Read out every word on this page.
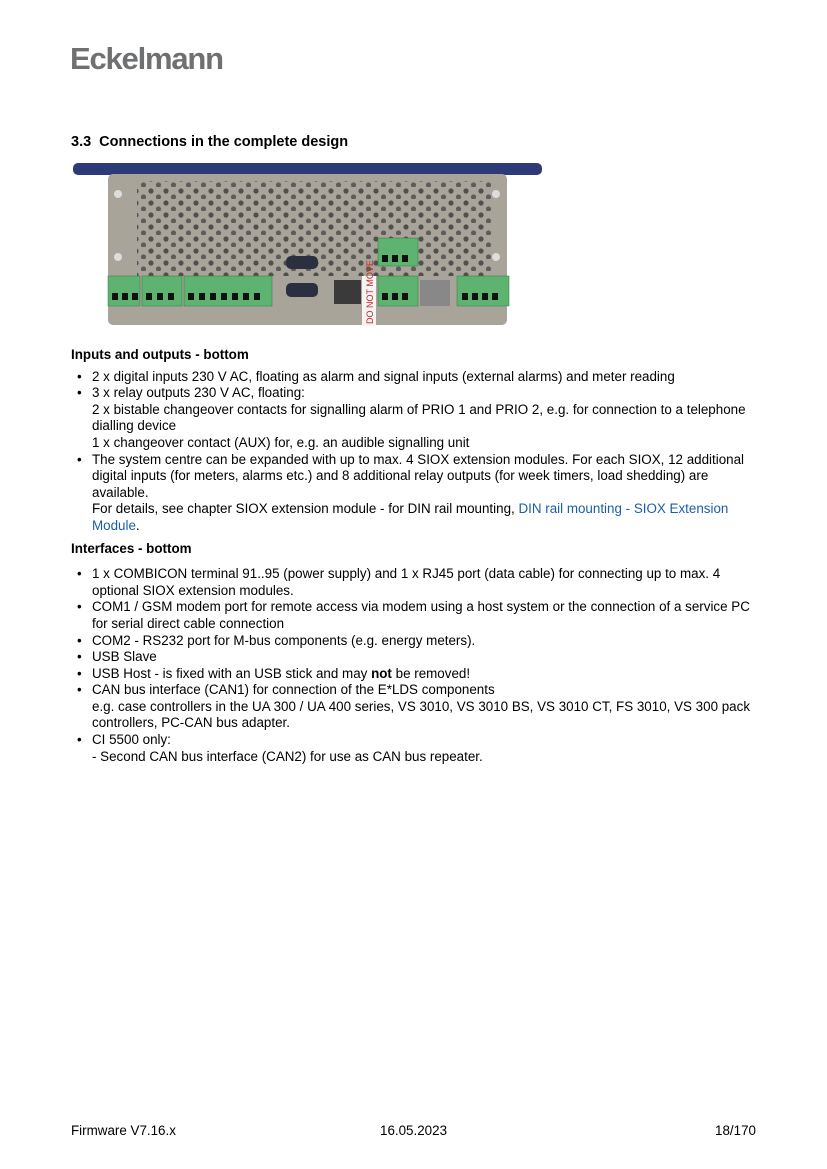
Eckelmann
3.3 Connections in the complete design
DO NOT MOVE
Inputs and outputs - bottom
• 2 x digital inputs 230 V AC, floating as alarm and signal inputs (external alarms) and meter reading
• 3 x relay outputs 230 V AC, floating:
2 x bistable changeover contacts for signalling alarm of PRIO 1 and PRIO 2, e.g. for connection to a telephone dialling device
1 x changeover contact (AUX) for, e.g. an audible signalling unit
• The system centre can be expanded with up to max. 4 SIOX extension modules. For each SIOX, 12 additional digital inputs (for meters, alarms etc.) and 8 additional relay outputs (for week timers, load shedding) are available.
For details, see chapter SIOX extension module - for DIN rail mounting, DIN rail mounting - SIOX Extension Module.
Interfaces - bottom
• 1 x COMBICON terminal 91..95 (power supply) and 1 x RJ45 port (data cable) for connecting up to max. 4 optional SIOX extension modules.
• COM1 / GSM modem port for remote access via modem using a host system or the connection of a service PC for serial direct cable connection
• COM2 - RS232 port for M-bus components (e.g. energy meters).
• USB Slave
• USB Host - is fixed with an USB stick and may not be removed!
• CAN bus interface (CAN1) for connection of the E*LDS components
e.g. case controllers in the UA 300 / UA 400 series, VS 3010, VS 3010 BS, VS 3010 CT, FS 3010, VS 300 pack controllers, PC-CAN bus adapter.
• CI 5500 only:
- Second CAN bus interface (CAN2) for use as CAN bus repeater.
Firmware V7.16.x	16.05.2023	18/170
